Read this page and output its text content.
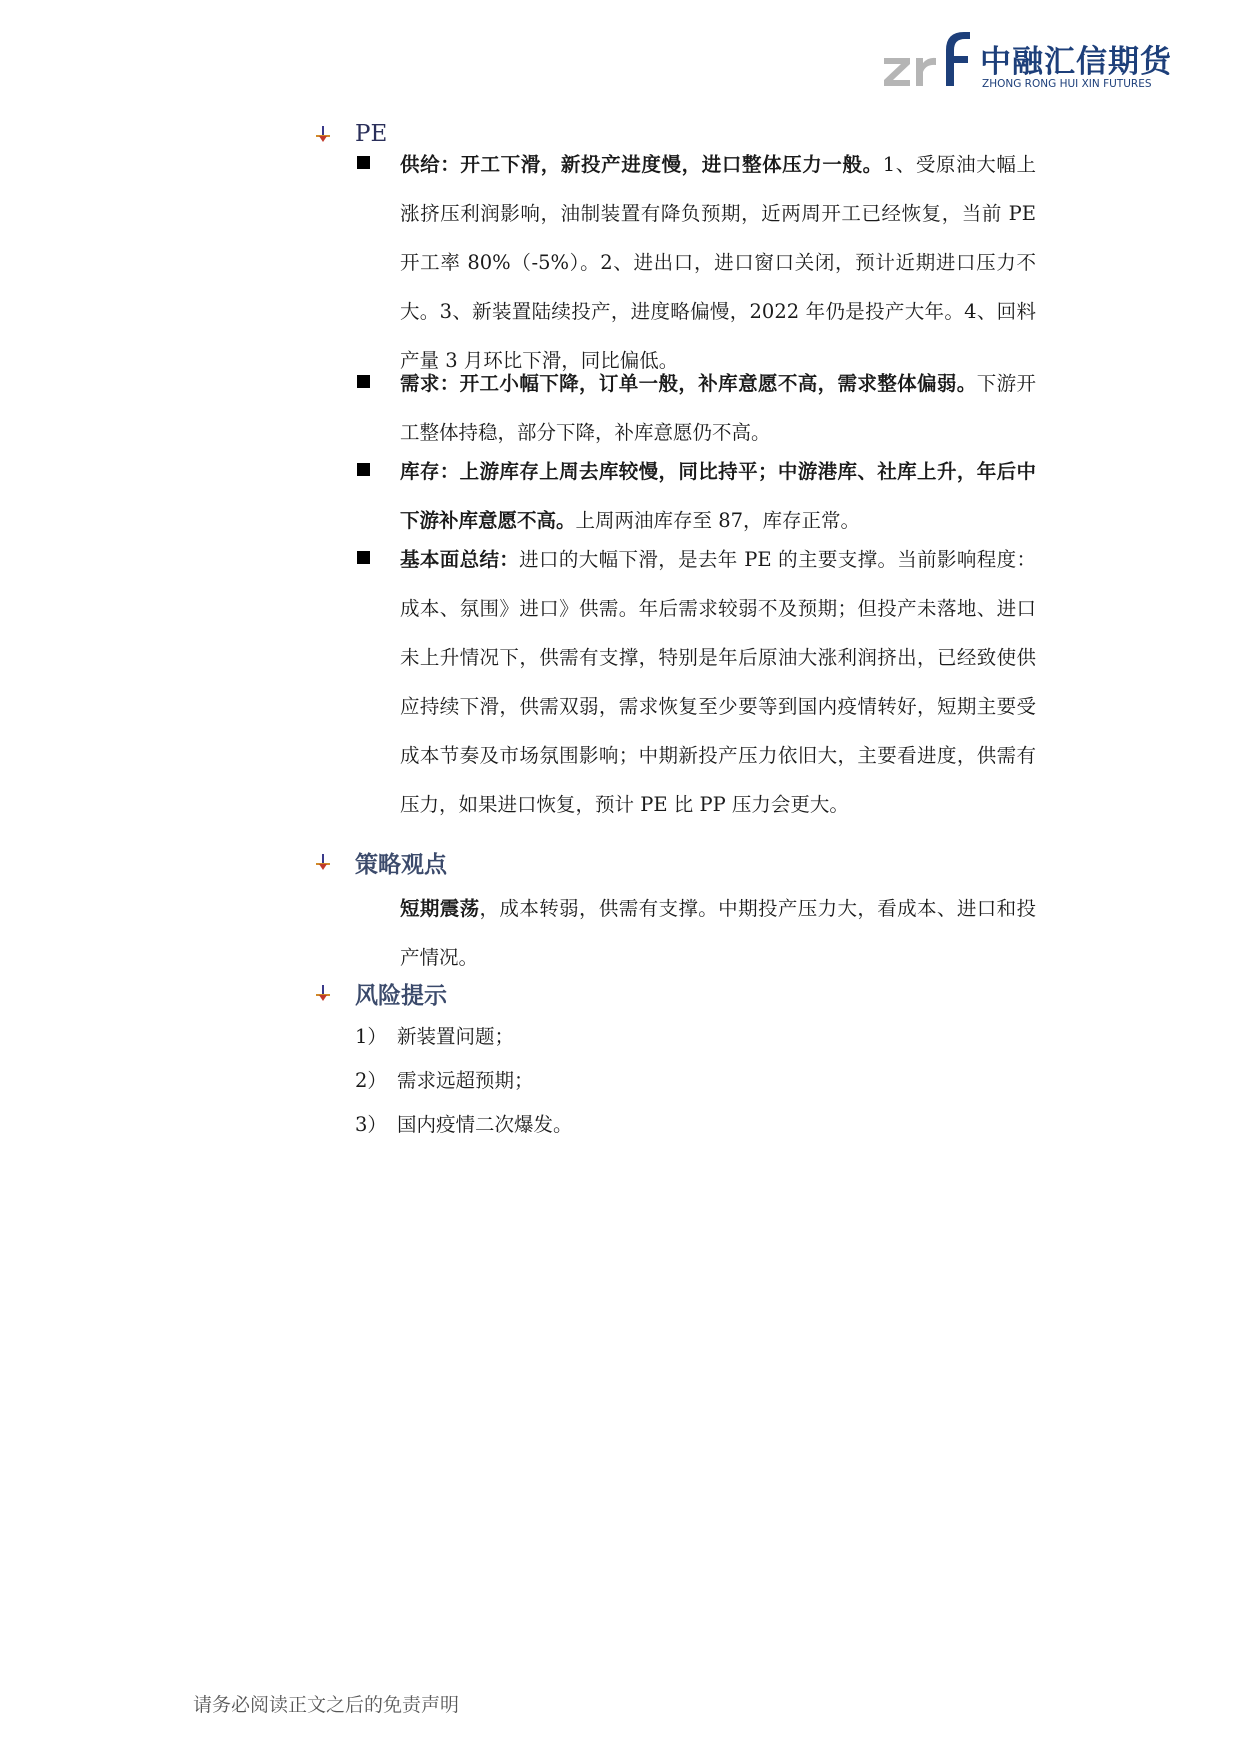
中融汇信期货
ZHONG RONG HUI XIN FUTURES
PE

供给：开工下滑，新投产进度慢，进口整体压力一般。1、受原油大幅上涨挤压利润影响，油制装置有降负预期，近两周开工已经恢复，当前 PE 开工率 80%（-5%）。2、进出口，进口窗口关闭，预计近期进口压力不大。3、新装置陆续投产，进度略偏慢，2022 年仍是投产大年。4、回料产量 3 月环比下滑，同比偏低。

需求：开工小幅下降，订单一般，补库意愿不高，需求整体偏弱。下游开工整体持稳，部分下降，补库意愿仍不高。

库存：上游库存上周去库较慢，同比持平；中游港库、社库上升，年后中下游补库意愿不高。上周两油库存至 87，库存正常。

基本面总结：进口的大幅下滑，是去年 PE 的主要支撑。当前影响程度：成本、氛围》进口》供需。年后需求较弱不及预期；但投产未落地、进口未上升情况下，供需有支撑，特别是年后原油大涨利润挤出，已经致使供应持续下滑，供需双弱，需求恢复至少要等到国内疫情转好，短期主要受成本节奏及市场氛围影响；中期新投产压力依旧大，主要看进度，供需有压力，如果进口恢复，预计 PE 比 PP 压力会更大。

策略观点

短期震荡，成本转弱，供需有支撑。中期投产压力大，看成本、进口和投产情况。

风险提示
1） 新装置问题；
2） 需求远超预期；
3） 国内疫情二次爆发。
请务必阅读正文之后的免责声明
